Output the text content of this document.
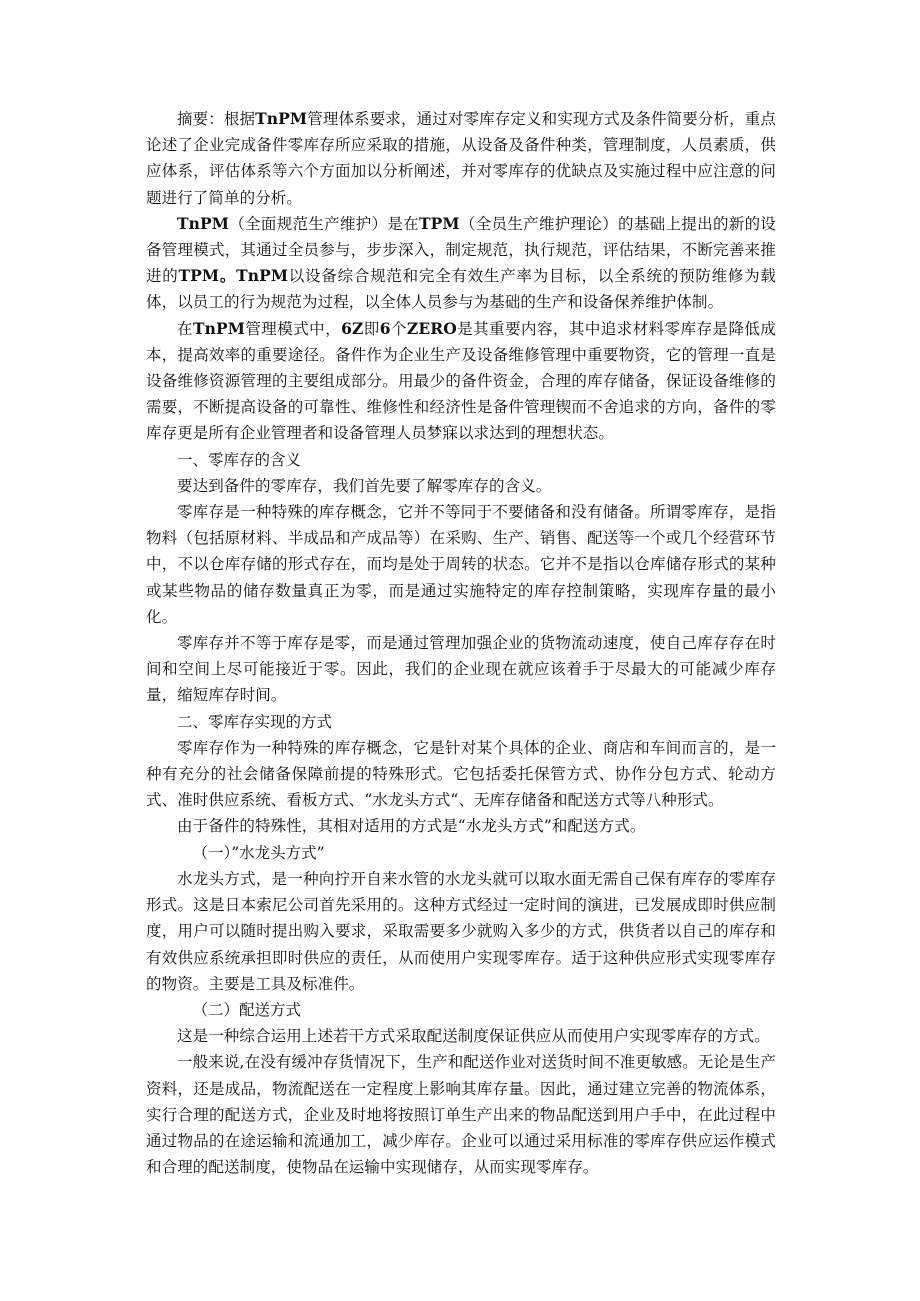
摘要：根据TnPM管理体系要求，通过对零库存定义和实现方式及条件简要分析，重点论述了企业完成备件零库存所应采取的措施，从设备及备件种类，管理制度，人员素质，供应体系，评估体系等六个方面加以分析阐述，并对零库存的优缺点及实施过程中应注意的问题进行了简单的分析。

TnPM（全面规范生产维护）是在TPM（全员生产维护理论）的基础上提出的新的设备管理模式，其通过全员参与，步步深入，制定规范，执行规范，评估结果，不断完善来推进的TPM。TnPM以设备综合规范和完全有效生产率为目标，以全系统的预防维修为载体，以员工的行为规范为过程，以全体人员参与为基础的生产和设备保养维护体制。

在TnPM管理模式中，6Z即6个ZERO是其重要内容，其中追求材料零库存是降低成本，提高效率的重要途径。备件作为企业生产及设备维修管理中重要物资，它的管理一直是设备维修资源管理的主要组成部分。用最少的备件资金，合理的库存储备，保证设备维修的需要，不断提高设备的可靠性、维修性和经济性是备件管理锲而不舍追求的方向，备件的零库存更是所有企业管理者和设备管理人员梦寐以求达到的理想状态。

一、零库存的含义

要达到备件的零库存，我们首先要了解零库存的含义。

零库存是一种特殊的库存概念，它并不等同于不要储备和没有储备。所谓零库存，是指物料（包括原材料、半成品和产成品等）在采购、生产、销售、配送等一个或几个经营环节中，不以仓库存储的形式存在，而均是处于周转的状态。它并不是指以仓库储存形式的某种或某些物品的储存数量真正为零，而是通过实施特定的库存控制策略，实现库存量的最小化。

零库存并不等于库存是零，而是通过管理加强企业的货物流动速度，使自己库存存在时间和空间上尽可能接近于零。因此，我们的企业现在就应该着手于尽最大的可能减少库存量，缩短库存时间。

二、零库存实现的方式

零库存作为一种特殊的库存概念，它是针对某个具体的企业、商店和车间而言的，是一种有充分的社会储备保障前提的特殊形式。它包括委托保管方式、协作分包方式、轮动方式、准时供应系统、看板方式、“水龙头方式“、无库存储备和配送方式等八种形式。

由于备件的特殊性，其相对适用的方式是“水龙头方式”和配送方式。

（一）”水龙头方式”

水龙头方式，是一种向拧开自来水管的水龙头就可以取水面无需自己保有库存的零库存形式。这是日本索尼公司首先采用的。这种方式经过一定时间的演进，已发展成即时供应制度，用户可以随时提出购入要求，采取需要多少就购入多少的方式，供货者以自己的库存和有效供应系统承担即时供应的责任，从而使用户实现零库存。适于这种供应形式实现零库存的物资。主要是工具及标准件。

（二）配送方式

这是一种综合运用上述若干方式采取配送制度保证供应从而使用户实现零库存的方式。

一般来说,在没有缓冲存货情况下，生产和配送作业对送货时间不准更敏感。无论是生产资料，还是成品，物流配送在一定程度上影响其库存量。因此，通过建立完善的物流体系，实行合理的配送方式，企业及时地将按照订单生产出来的物品配送到用户手中，在此过程中通过物品的在途运输和流通加工，减少库存。企业可以通过采用标准的零库存供应运作模式和合理的配送制度，使物品在运输中实现储存，从而实现零库存。
